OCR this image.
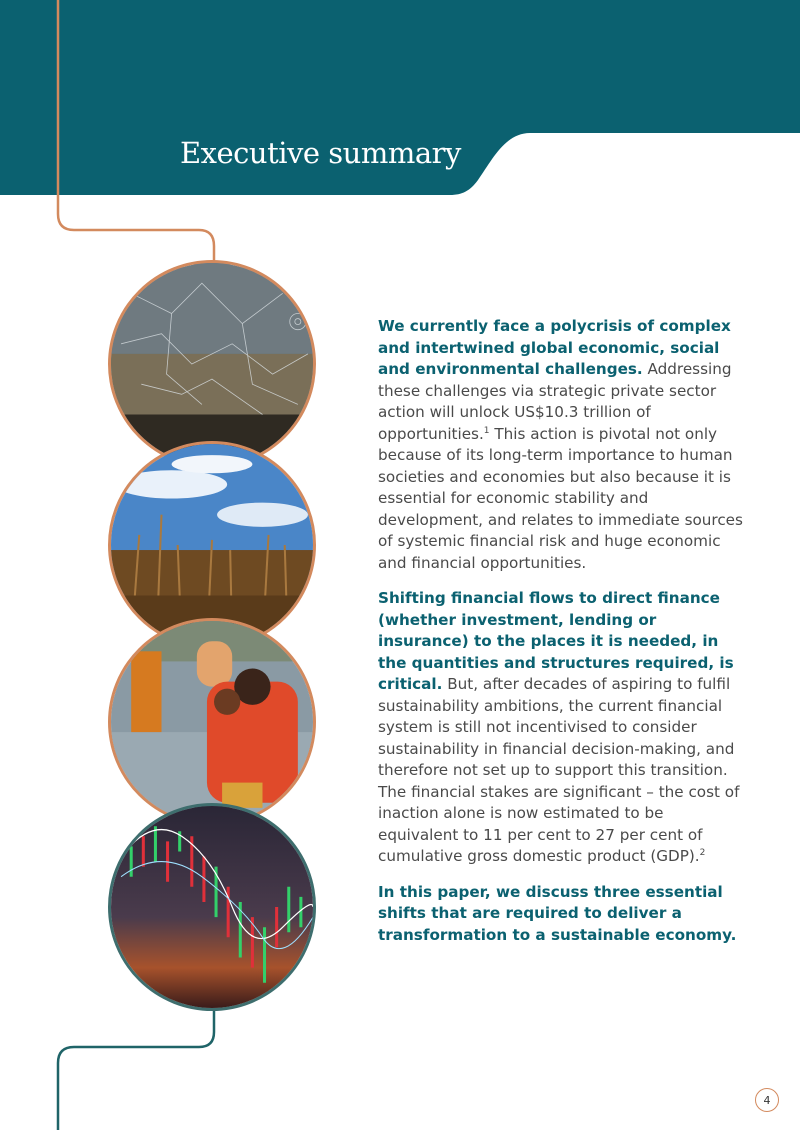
Executive summary

We currently face a polycrisis of complex and intertwined global economic, social and environmental challenges. Addressing these challenges via strategic private sector action will unlock US$10.3 trillion of opportunities.$^1$ This action is pivotal not only because of its long-term importance to human societies and economies but also because it is essential for economic stability and development, and relates to immediate sources of systemic financial risk and huge economic and financial opportunities.

Shifting financial flows to direct finance (whether investment, lending or insurance) to the places it is needed, in the quantities and structures required, is critical. But, after decades of aspiring to fulfil sustainability ambitions, the current financial system is still not incentivised to consider sustainability in financial decision-making, and therefore not set up to support this transition. The financial stakes are significant – the cost of inaction alone is now estimated to be equivalent to 11 per cent to 27 per cent of cumulative gross domestic product (GDP).$^2$

In this paper, we discuss three essential shifts that are required to deliver a transformation to a sustainable economy.

4
